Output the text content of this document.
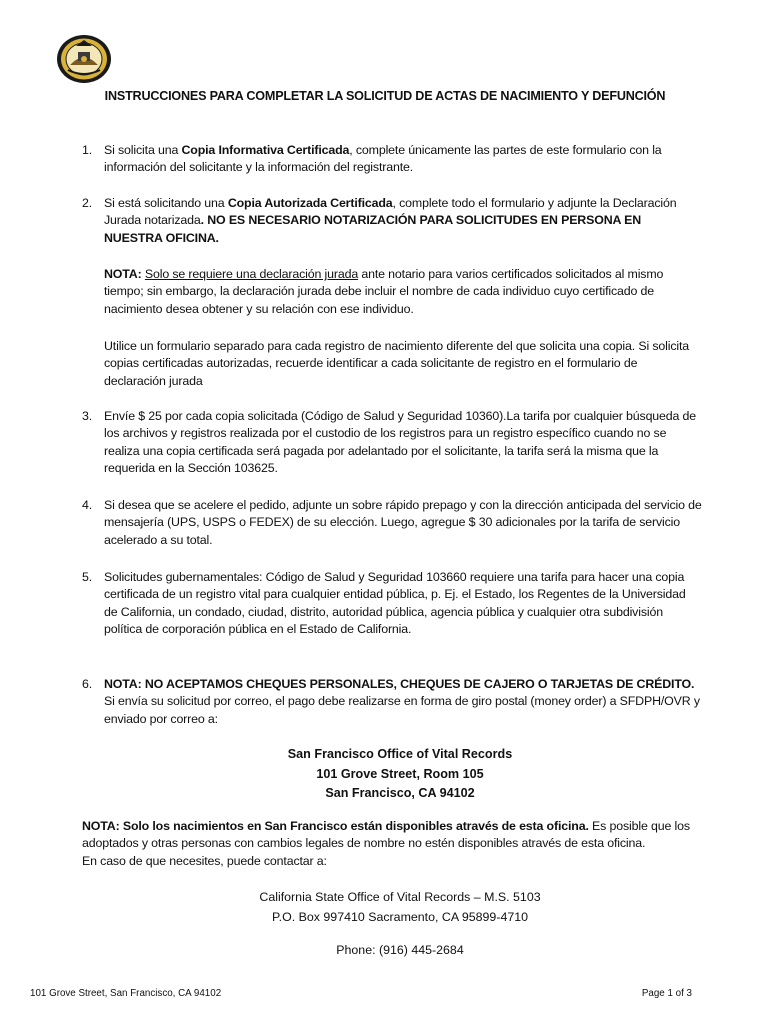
INSTRUCCIONES PARA COMPLETAR LA SOLICITUD DE ACTAS DE NACIMIENTO Y DEFUNCIÓN
1. Si solicita una Copia Informativa Certificada, complete únicamente las partes de este formulario con la información del solicitante y la información del registrante.
2. Si está solicitando una Copia Autorizada Certificada, complete todo el formulario y adjunte la Declaración Jurada notarizada. NO ES NECESARIO NOTARIZACIÓN PARA SOLICITUDES EN PERSONA EN NUESTRA OFICINA.
NOTA: Solo se requiere una declaración jurada ante notario para varios certificados solicitados al mismo tiempo; sin embargo, la declaración jurada debe incluir el nombre de cada individuo cuyo certificado de nacimiento desea obtener y su relación con ese individuo.
Utilice un formulario separado para cada registro de nacimiento diferente del que solicita una copia. Si solicita copias certificadas autorizadas, recuerde identificar a cada solicitante de registro en el formulario de declaración jurada
3. Envíe $ 25 por cada copia solicitada (Código de Salud y Seguridad 10360).La tarifa por cualquier búsqueda de los archivos y registros realizada por el custodio de los registros para un registro específico cuando no se realiza una copia certificada será pagada por adelantado por el solicitante, la tarifa será la misma que la requerida en la Sección 103625.
4. Si desea que se acelere el pedido, adjunte un sobre rápido prepago y con la dirección anticipada del servicio de mensajería (UPS, USPS o FEDEX) de su elección. Luego, agregue $ 30 adicionales por la tarifa de servicio acelerado a su total.
5. Solicitudes gubernamentales: Código de Salud y Seguridad 103660 requiere una tarifa para hacer una copia certificada de un registro vital para cualquier entidad pública, p. Ej. el Estado, los Regentes de la Universidad de California, un condado, ciudad, distrito, autoridad pública, agencia pública y cualquier otra subdivisión política de corporación pública en el Estado de California.
6. NOTA: NO ACEPTAMOS CHEQUES PERSONALES, CHEQUES DE CAJERO O TARJETAS DE CRÉDITO. Si envía su solicitud por correo, el pago debe realizarse en forma de giro postal (money order) a SFDPH/OVR y enviado por correo a:
San Francisco Office of Vital Records
101 Grove Street, Room 105
San Francisco, CA 94102
NOTA: Solo los nacimientos en San Francisco están disponibles através de esta oficina. Es posible que los adoptados y otras personas con cambios legales de nombre no estén disponibles através de esta oficina.
En caso de que necesites, puede contactar a:
California State Office of Vital Records – M.S. 5103
P.O. Box 997410 Sacramento, CA 95899-4710
Phone: (916) 445-2684
101 Grove Street, San Francisco, CA 94102	Page 1 of 3
